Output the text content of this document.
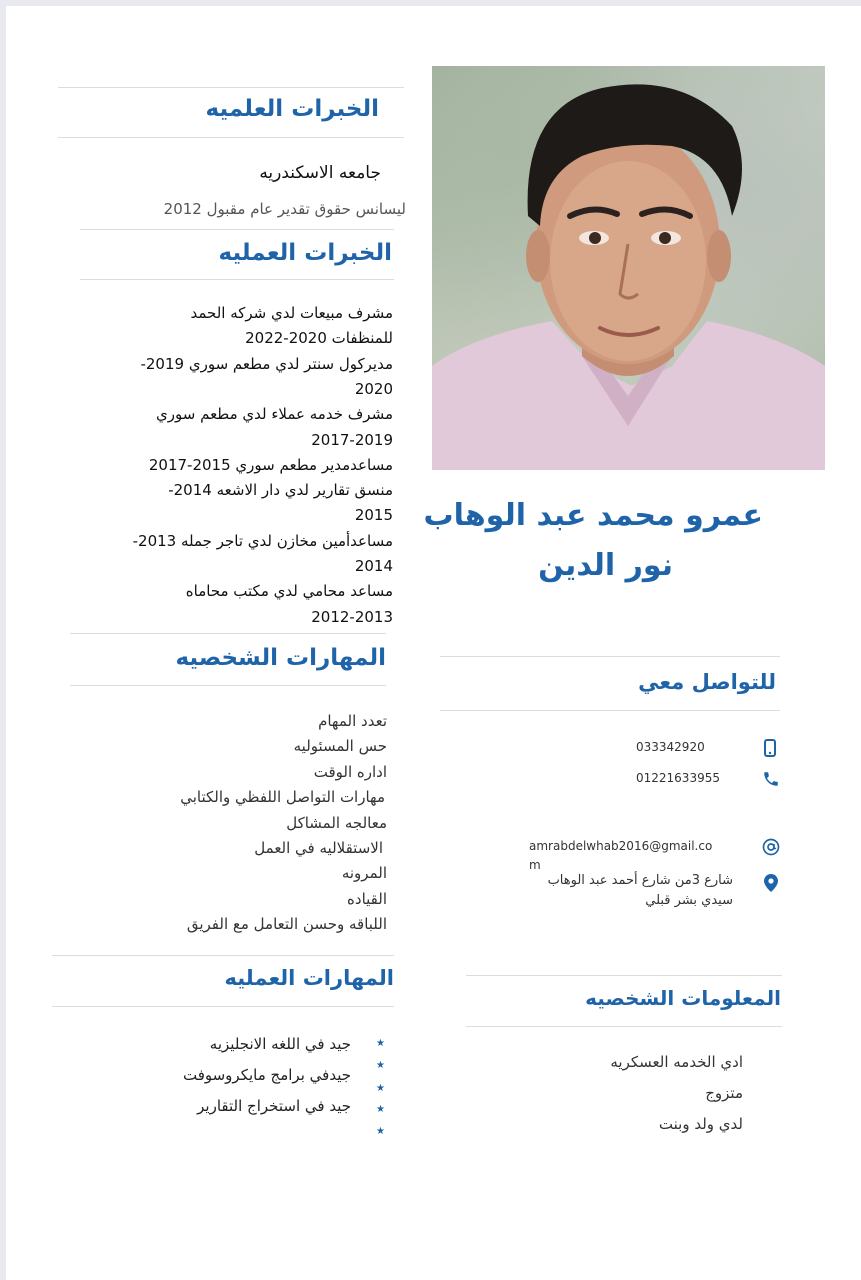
الخبرات العلميه
جامعه الاسكندريه
ليسانس حقوق تقدير عام مقبول 2012
الخبرات العمليه
مشرف مبيعات لدي شركه الحمد
للمنظفات 2020-2022
مديركول سنتر لدي مطعم سوري 2019-
2020
مشرف خدمه عملاء لدي مطعم سوري
2017-2019
مساعدمدير مطعم سوري 2015-2017
منسق تقارير لدي دار الاشعه 2014-
2015
مساعدأمين مخازن لدي تاجر جمله 2013-
2014
مساعد محامي لدي مكتب محاماه
2012-2013
المهارات الشخصيه
تعدد المهام
حس المسئوليه
اداره الوقت
مهارات التواصل اللفظي والكتابي
معالجه المشاكل
الاستقلاليه في العمل
المرونه
القياده
اللباقه وحسن التعامل مع الفريق
المهارات العمليه
جيد في اللغه الانجليزيه
جيدفي برامج مايكروسوفت
جيد في استخراج التقارير
★
★
★
★
★
عمرو محمد عبد الوهاب
نور الدين
للتواصل معي
033342920
01221633955
amrabdelwhab2016@gmail.co
m
شارع 3من شارع أحمد عبد الوهاب
سيدي بشر قبلي
المعلومات الشخصيه
ادي الخدمه العسكريه
متزوج
لدي ولد وبنت
